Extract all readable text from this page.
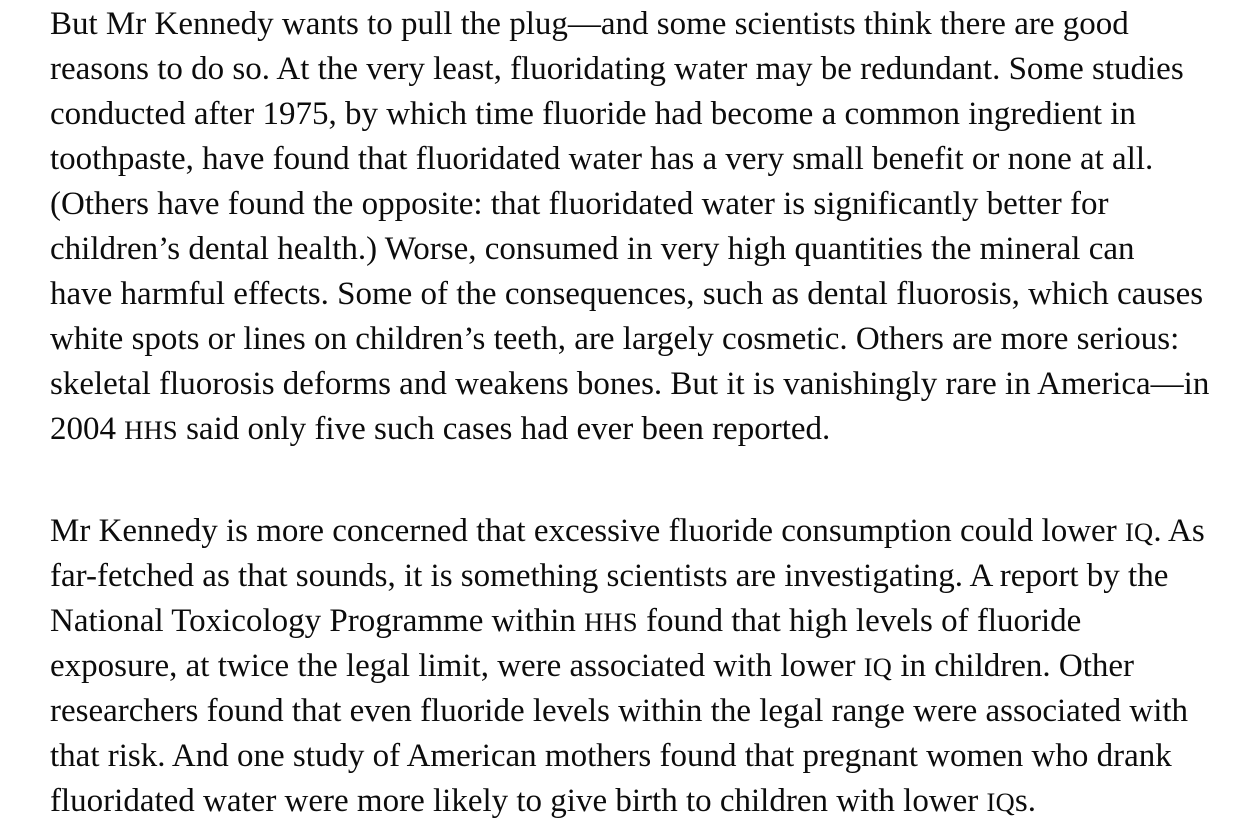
But Mr Kennedy wants to pull the plug—and some scientists think there are good
reasons to do so. At the very least, fluoridating water may be redundant. Some studies
conducted after 1975, by which time fluoride had become a common ingredient in
toothpaste, have found that fluoridated water has a very small benefit or none at all.
(Others have found the opposite: that fluoridated water is significantly better for
children’s dental health.) Worse, consumed in very high quantities the mineral can
have harmful effects. Some of the consequences, such as dental fluorosis, which causes
white spots or lines on children’s teeth, are largely cosmetic. Others are more serious:
skeletal fluorosis deforms and weakens bones. But it is vanishingly rare in America—in
2004 HHS said only five such cases had ever been reported.
Mr Kennedy is more concerned that excessive fluoride consumption could lower IQ. As
far-fetched as that sounds, it is something scientists are investigating. A report by the
National Toxicology Programme within HHS found that high levels of fluoride
exposure, at twice the legal limit, were associated with lower IQ in children. Other
researchers found that even fluoride levels within the legal range were associated with
that risk. And one study of American mothers found that pregnant women who drank
fluoridated water were more likely to give birth to children with lower IQs.
